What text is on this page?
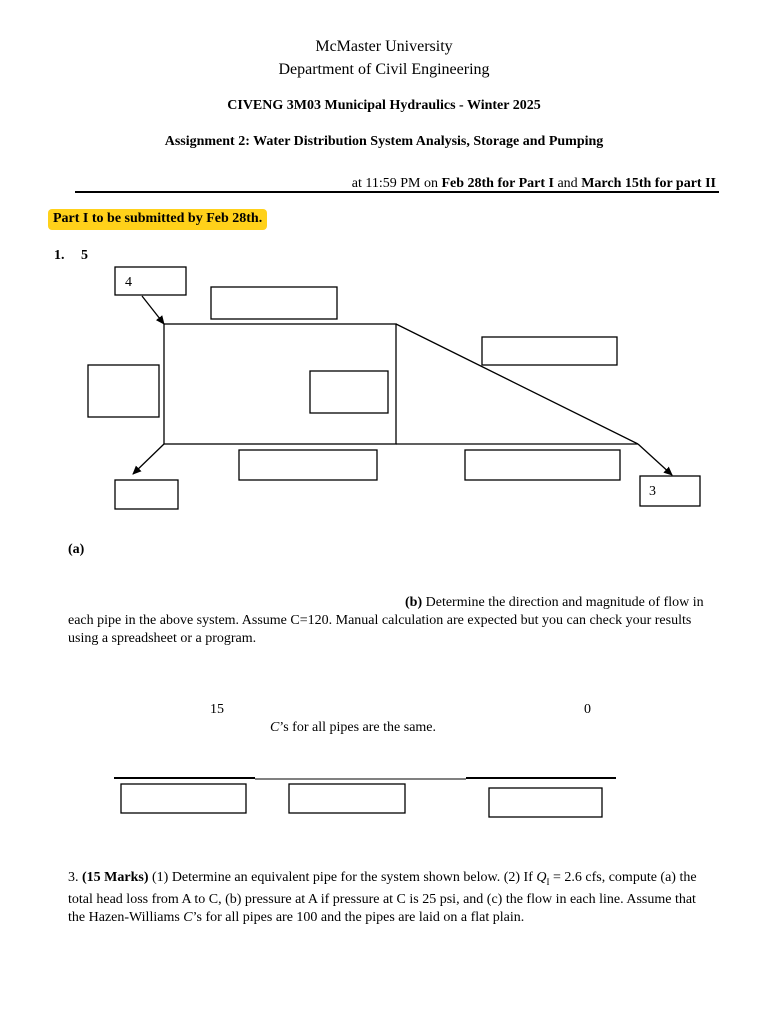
McMaster University
Department of Civil Engineering
CIVENG 3M03 Municipal Hydraulics - Winter 2025
Assignment 2: Water Distribution System Analysis, Storage and Pumping
at 11:59 PM on Feb 28th for Part I and March 15th for part II
Part I to be submitted by Feb 28th.
1. 5
4
3
(a)
(b) Determine the direction and magnitude of flow in each pipe in the above system. Assume C=120. Manual calculation are expected but you can check your results using a spreadsheet or a program.
15	0
C’s for all pipes are the same.
3. (15 Marks) (1) Determine an equivalent pipe for the system shown below. (2) If $Q_I = 2.6$ cfs, compute (a) the total head loss from A to C, (b) pressure at A if pressure at C is 25 psi, and (c) the flow in each line. Assume that the Hazen-Williams C’s for all pipes are 100 and the pipes are laid on a flat plain.
